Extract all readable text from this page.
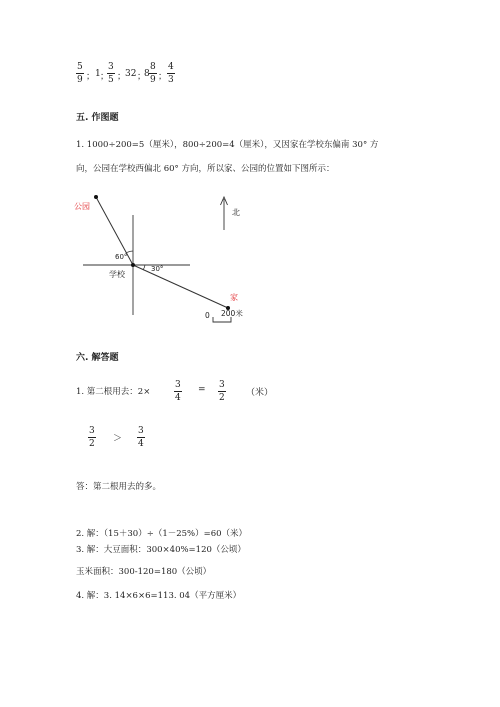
5
9 ； 1 ；
3
5 ；
32 ；
8
8
9 ；
4
3
五. 作图题
1. 1000÷200=5（厘米），800÷200=4（厘米），又因家在学校东偏南 30° 方
向，公园在学校西偏北 60° 方向，所以家、公园的位置如下图所示：
公园
60°
30°
学校
家
北
0 200米
六. 解答题
1. 第二根用去：2×
3
4
= 3
2 （米）
3
2 ＞
3
4
答：第二根用去的多。
2. 解：（15＋30）÷（1－25%）=60（米）
3. 解：大豆面积：300×40%=120（公顷）
玉米面积：300-120=180（公顷）
4. 解：3. 14×6×6=113. 04（平方厘米）
